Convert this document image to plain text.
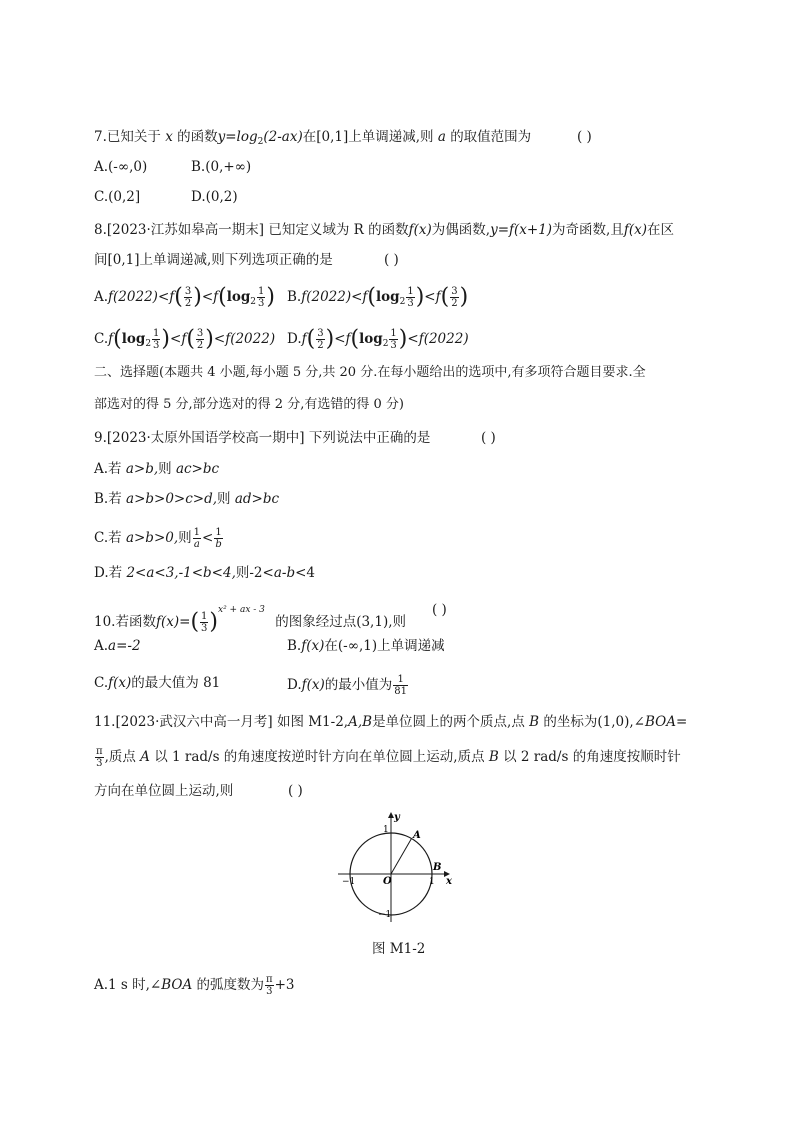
7.已知关于 x 的函数$y=\log_2(2-ax)$在[0,1]上单调递减,则 a 的取值范围为	( )
A.(-∞,0)	B.(0,+∞)
C.(0,2]	D.(0,2)
8.[2023·江苏如皋高一期末] 已知定义域为 R 的函数f(x)为偶函数,y=f(x+1)为奇函数,且f(x)在区
间[0,1]上单调递减,则下列选项正确的是	( )
$A.f(2022)<f( \frac{3}{2} )<f(\log_2 \frac{1}{3}$ ) $B.f(2022)<f(\log_2 \frac{1}{3} )<f( \frac{3}{2}$ )
$C.f(\log_2 \frac{1}{3} )<f( \frac{3}{2} )<f(2022)$ $D.f( \frac{3}{2} )<f(\log_2 \frac{1}{3} )<f(2022)$
二、选择题(本题共 4 小题,每小题 5 分,共 20 分.在每小题给出的选项中,有多项符合题目要求.全
部选对的得 5 分,部分选对的得 2 分,有选错的得 0 分)
9.[2023·太原外国语学校高一期中] 下列说法中正确的是	( )
A.若 a>b,则 ac>bc
B.若 a>b>0>c>d,则 ad>bc
C.若 a>b>0,则 $\frac{1}{a} < \frac{1}{b}$
D.若 2<a<3,-1<b<4,则-2<a-b<4
10.若函数$f(x)=( \frac{1}{3} )^{x^2 + ax - 3}$ 的图象经过点(3,1),则
( )
A.a=-2	B.f(x)在(-∞,1)上单调递减
C.f(x)的最大值为 81	D.f(x)的最小值为 $\frac{1}{81}$
11.[2023·武汉六中高一月考] 如图 M1-2,A,B是单位圆上的两个质点,点 B 的坐标为(1,0),∠BOA=
$\frac{\pi}{3}$ ,质点 A 以 1 rad/s 的角速度按逆时针方向在单位圆上运动,质点 B 以 2 rad/s 的角速度按顺时针
方向在单位圆上运动,则	( )
y
x
A
B
O
1
1
−1
−1
图 M1-2
A.1 s 时,∠BOA 的弧度数为 $\frac{\pi}{3} +3$
